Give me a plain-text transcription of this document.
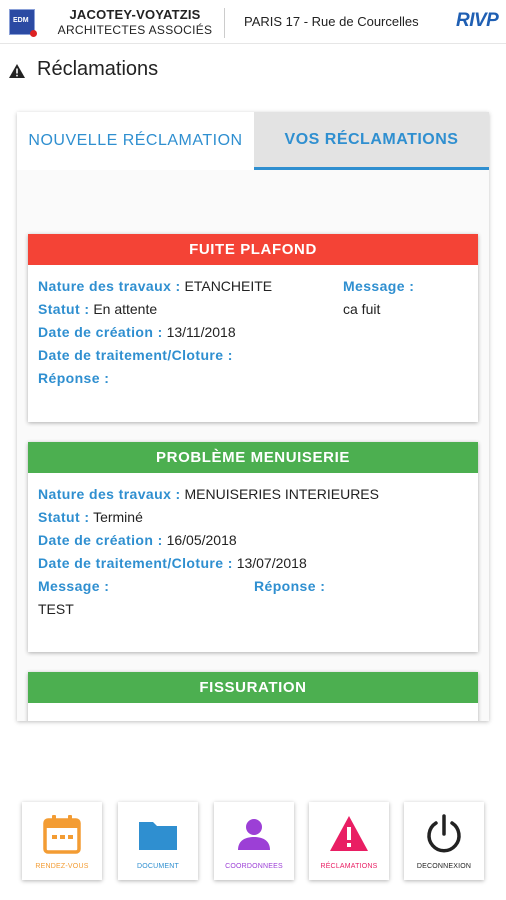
EDM	JACOTEY-VOYATZIS
ARCHITECTES ASSOCIÉS
PARIS 17 - Rue de Courcelles RIVP
Réclamations
NOUVELLE RÉCLAMATION	VOS RÉCLAMATIONS
FUITE PLAFOND
Nature des travaux : ETANCHEITE
Statut : En attente
Date de création : 13/11/2018
Date de traitement/Cloture :
Réponse :
Message :
ca fuit
PROBLÈME MENUISERIE
Nature des travaux : MENUISERIES INTERIEURES
Statut : Terminé
Date de création : 16/05/2018
Date de traitement/Cloture : 13/07/2018
Message :	Réponse :
TEST
FISSURATION
RENDEZ-VOUS	DOCUMENT	COORDONNEES	RÉCLAMATIONS	DECONNEXION
